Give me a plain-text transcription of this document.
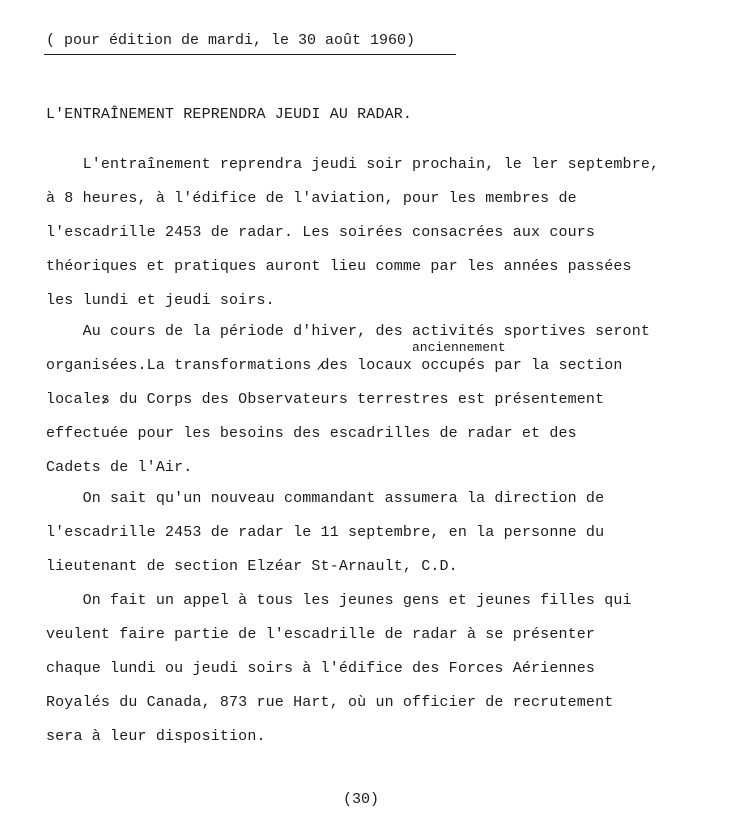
( pour édition de mardi, le 30 août 1960)
L'ENTRAÎNEMENT REPRENDRA JEUDI AU RADAR.
L'entraînement reprendra jeudi soir prochain, le ler septembre,
à 8 heures, à l'édifice de l'aviation, pour les membres de
l'escadrille 2453 de radar. Les soirées consacrées aux cours
théoriques et pratiques auront lieu comme par les années passées
les lundi et jeudi soirs.
Au cours de la période d'hiver, des activités sportives seront
anciennement
organisées.La transformations des locaux occupés par la section
locales du Corps des Observateurs terrestres est présentement
effectuée pour les besoins des escadrilles de radar et des
Cadets de l'Air.
On sait qu'un nouveau commandant assumera la direction de
l'escadrille 2453 de radar le 11 septembre, en la personne du
lieutenant de section Elzéar St-Arnault, C.D.
On fait un appel à tous les jeunes gens et jeunes filles qui
veulent faire partie de l'escadrille de radar à se présenter
chaque lundi ou jeudi soirs à l'édifice des Forces Aériennes
Royalés du Canada, 873 rue Hart, où un officier de recrutement
sera à leur disposition.
(30)
